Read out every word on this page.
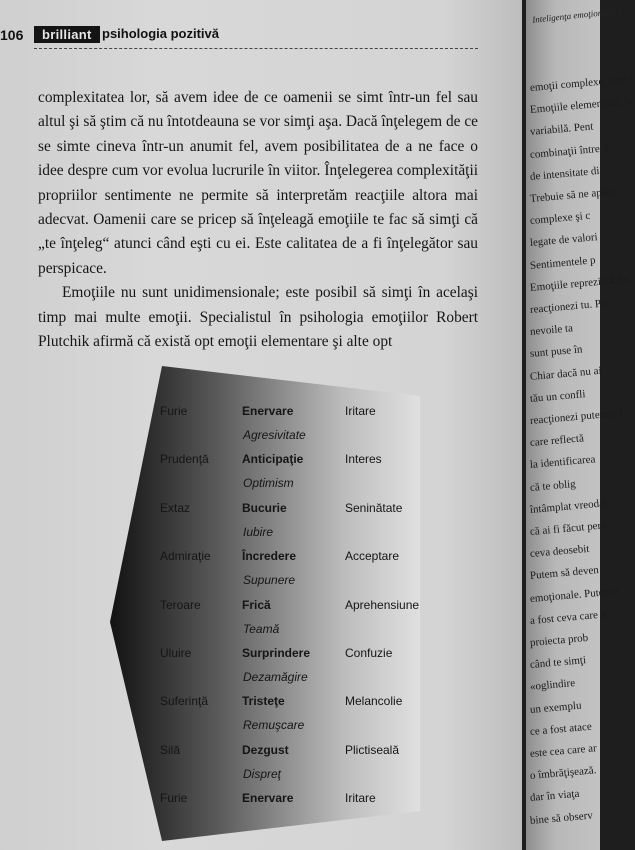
106	brilliant psihologia pozitivă

complexitatea lor, să avem idee de ce oamenii se simt într-un fel sau altul şi să ştim că nu întotdeauna se vor simţi aşa. Dacă înţelegem de ce se simte cineva într-un anumit fel, avem posibilitatea de a ne face o idee despre cum vor evolua lucrurile în viitor. Înţelegerea complexităţii propriilor sentimente ne permite să interpretăm reacţiile altora mai adecvat. Oamenii care se pricep să înţeleagă emoţiile te fac să simţi că „te înţeleg“ atunci când eşti cu ei. Este calitatea de a fi înţelegător sau perspicace.

Emoţiile nu sunt unidimensionale; este posibil să simţi în acelaşi timp mai multe emoţii. Specialistul în psihologia emoţiilor Robert Plutchik afirmă că există opt emoţii elementare şi alte opt

Furie	Enervare	Iritare
Agresivitate
Prudenţă	Anticipaţie	Interes
Optimism
Extaz	Bucurie	Seninătate
Iubire
Admiraţie	Încredere	Acceptare
Supunere
Teroare	Frică	Aprehensiune
Teamă
Uluire	Surprindere	Confuzie
Dezamăgire
Suferinţă	Tristeţe	Melancolie
Remuşcare
Silă	Dezgust	Plictiseală
Dispreţ
Furie	Enervare	Iritare
Inteligenţa emoţională: C
emoţii complexe, care s
Emoţiile elementare, la
variabilă. Pent
combinaţii între d
de intensitate di
Trebuie să ne aplec
complexe şi c
legate de valori
Sentimentele p
Emoţiile reprezintă foi
reacţionezi tu. Po
nevoile ta
sunt puse în
Chiar dacă nu ai
tău un confli
reacţionezi puternic l
care reflectă
la identificarea
că te oblig
întâmplat vreodat
că ai fi făcut pers
ceva deosebit
Putem să deven
emoţionale. Putem s
a fost ceva care a
proiecta prob
când te simţi
«oglindire
un exemplu
ce a fost atace
este cea care ar
o îmbrăţişează.
dar în viaţa
bine să observ
